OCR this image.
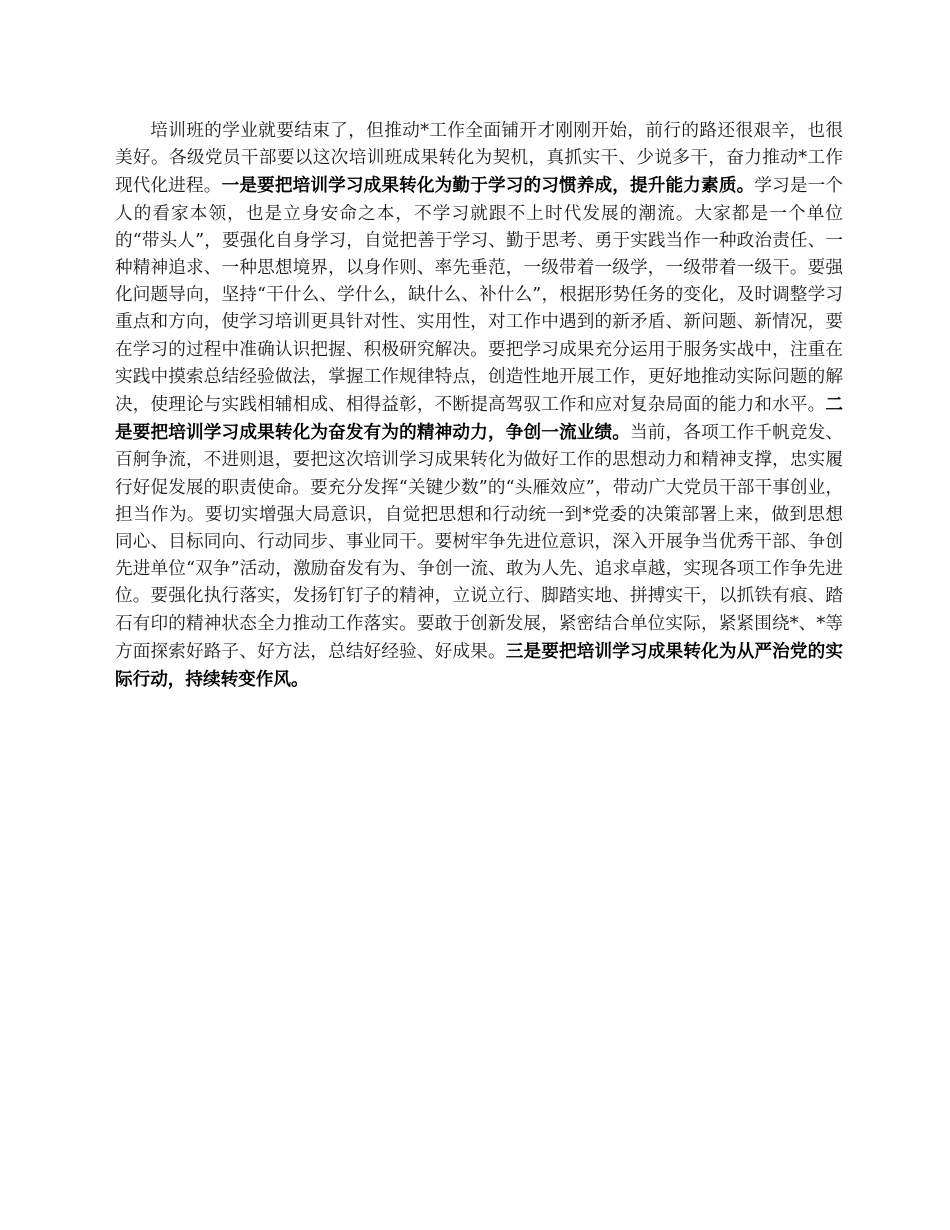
培训班的学业就要结束了，但推动*工作全面铺开才刚刚开始，前行的路还很艰辛，也很美好。各级党员干部要以这次培训班成果转化为契机，真抓实干、少说多干，奋力推动*工作现代化进程。一是要把培训学习成果转化为勤于学习的习惯养成，提升能力素质。学习是一个人的看家本领，也是立身安命之本，不学习就跟不上时代发展的潮流。大家都是一个单位的“带头人”，要强化自身学习，自觉把善于学习、勤于思考、勇于实践当作一种政治责任、一种精神追求、一种思想境界，以身作则、率先垂范，一级带着一级学，一级带着一级干。要强化问题导向，坚持“干什么、学什么，缺什么、补什么”，根据形势任务的变化，及时调整学习重点和方向，使学习培训更具针对性、实用性，对工作中遇到的新矛盾、新问题、新情况，要在学习的过程中准确认识把握、积极研究解决。要把学习成果充分运用于服务实战中，注重在实践中摸索总结经验做法，掌握工作规律特点，创造性地开展工作，更好地推动实际问题的解决，使理论与实践相辅相成、相得益彰，不断提高驾驭工作和应对复杂局面的能力和水平。二是要把培训学习成果转化为奋发有为的精神动力，争创一流业绩。当前，各项工作千帆竞发、百舸争流，不进则退，要把这次培训学习成果转化为做好工作的思想动力和精神支撑，忠实履行好促发展的职责使命。要充分发挥“关键少数”的“头雁效应”，带动广大党员干部干事创业，担当作为。要切实增强大局意识，自觉把思想和行动统一到*党委的决策部署上来，做到思想同心、目标同向、行动同步、事业同干。要树牢争先进位意识，深入开展争当优秀干部、争创先进单位“双争”活动，激励奋发有为、争创一流、敢为人先、追求卓越，实现各项工作争先进位。要强化执行落实，发扬钉钉子的精神，立说立行、脚踏实地、拼搏实干，以抓铁有痕、踏石有印的精神状态全力推动工作落实。要敢于创新发展，紧密结合单位实际，紧紧围绕*、*等方面探索好路子、好方法，总结好经验、好成果。三是要把培训学习成果转化为从严治党的实际行动，持续转变作风。
